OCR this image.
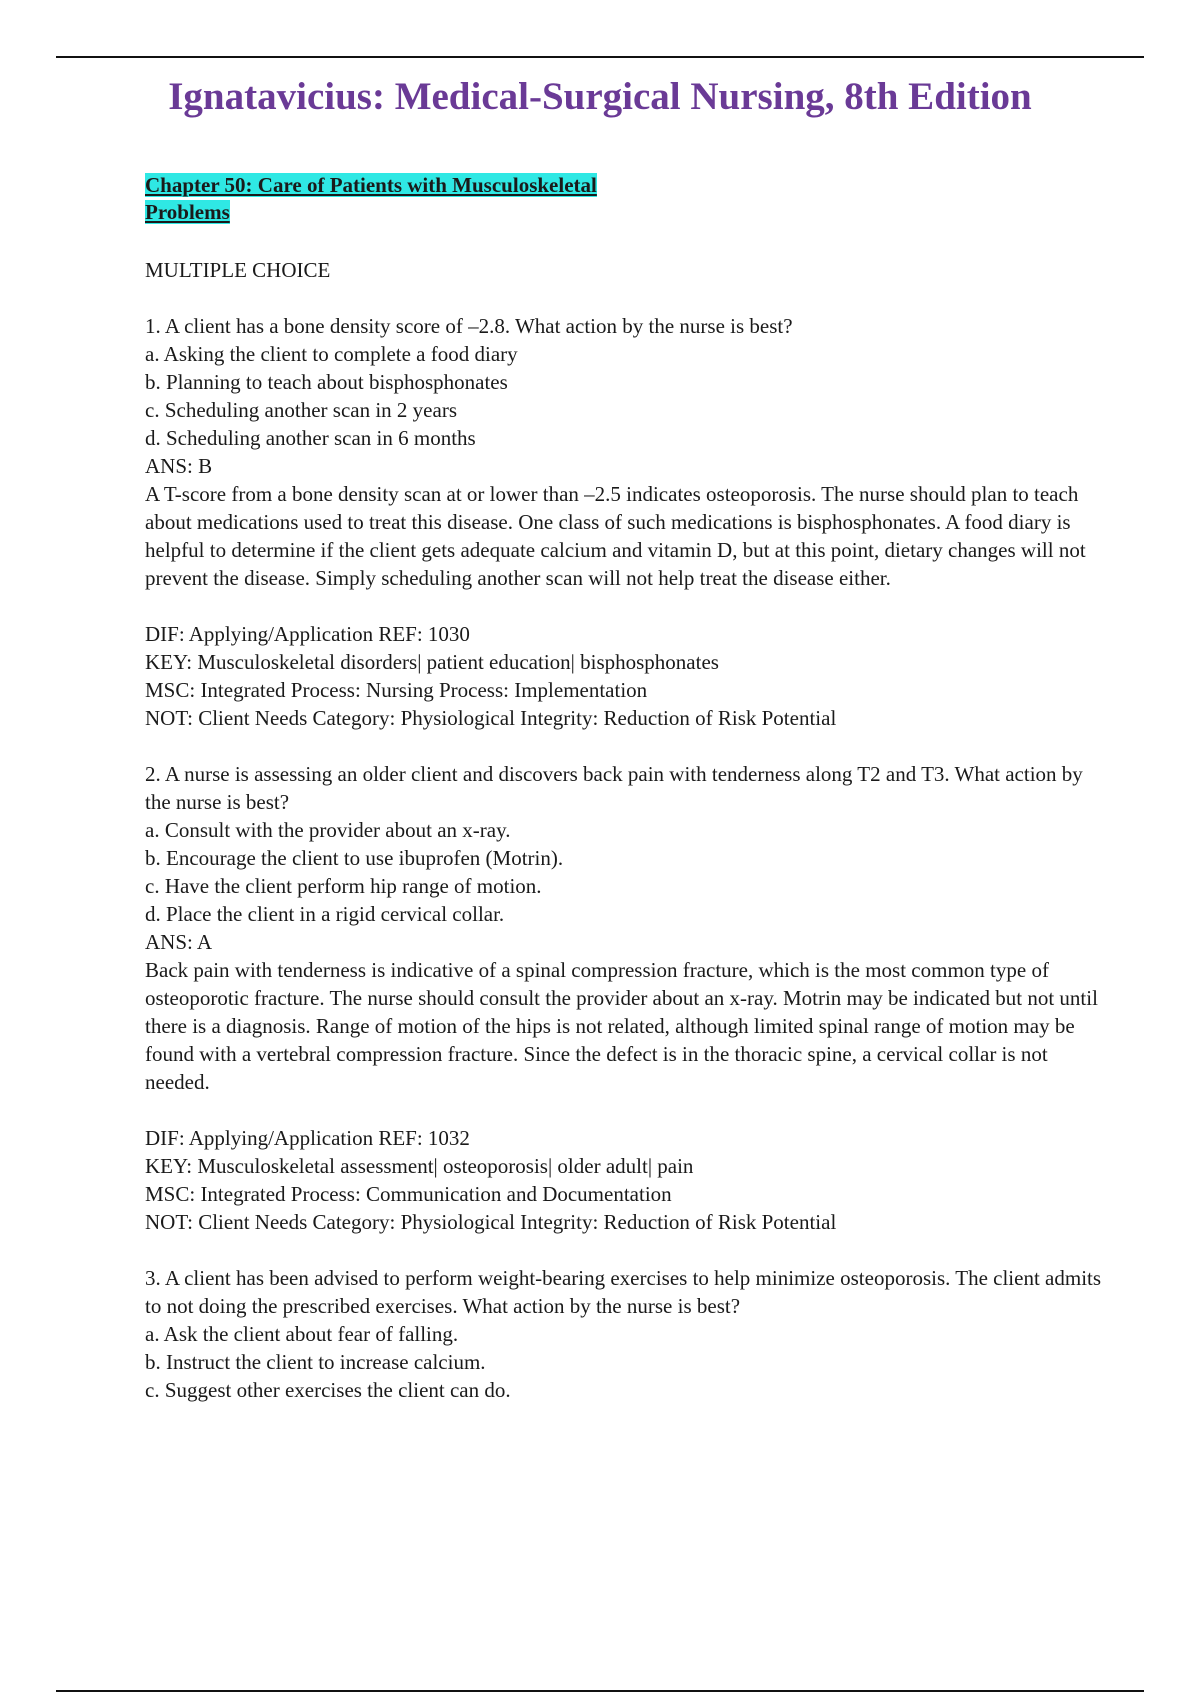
Ignatavicius: Medical-Surgical Nursing, 8th Edition

Chapter 50: Care of Patients with Musculoskeletal Problems

MULTIPLE CHOICE
1. A client has a bone density score of –2.8. What action by the nurse is best?
a. Asking the client to complete a food diary
b. Planning to teach about bisphosphonates
c. Scheduling another scan in 2 years
d. Scheduling another scan in 6 months
ANS: B
A T-score from a bone density scan at or lower than –2.5 indicates osteoporosis. The nurse should plan to teach about medications used to treat this disease. One class of such medications is bisphosphonates. A food diary is helpful to determine if the client gets adequate calcium and vitamin D, but at this point, dietary changes will not prevent the disease. Simply scheduling another scan will not help treat the disease either.
DIF: Applying/Application REF: 1030
KEY: Musculoskeletal disorders| patient education| bisphosphonates
MSC: Integrated Process: Nursing Process: Implementation
NOT: Client Needs Category: Physiological Integrity: Reduction of Risk Potential
2. A nurse is assessing an older client and discovers back pain with tenderness along T2 and T3. What action by the nurse is best?
a. Consult with the provider about an x-ray.
b. Encourage the client to use ibuprofen (Motrin).
c. Have the client perform hip range of motion.
d. Place the client in a rigid cervical collar.
ANS: A
Back pain with tenderness is indicative of a spinal compression fracture, which is the most common type of osteoporotic fracture. The nurse should consult the provider about an x-ray. Motrin may be indicated but not until there is a diagnosis. Range of motion of the hips is not related, although limited spinal range of motion may be found with a vertebral compression fracture. Since the defect is in the thoracic spine, a cervical collar is not needed.
DIF: Applying/Application REF: 1032
KEY: Musculoskeletal assessment| osteoporosis| older adult| pain
MSC: Integrated Process: Communication and Documentation
NOT: Client Needs Category: Physiological Integrity: Reduction of Risk Potential
3. A client has been advised to perform weight-bearing exercises to help minimize osteoporosis. The client admits to not doing the prescribed exercises. What action by the nurse is best?
a. Ask the client about fear of falling.
b. Instruct the client to increase calcium.
c. Suggest other exercises the client can do.
